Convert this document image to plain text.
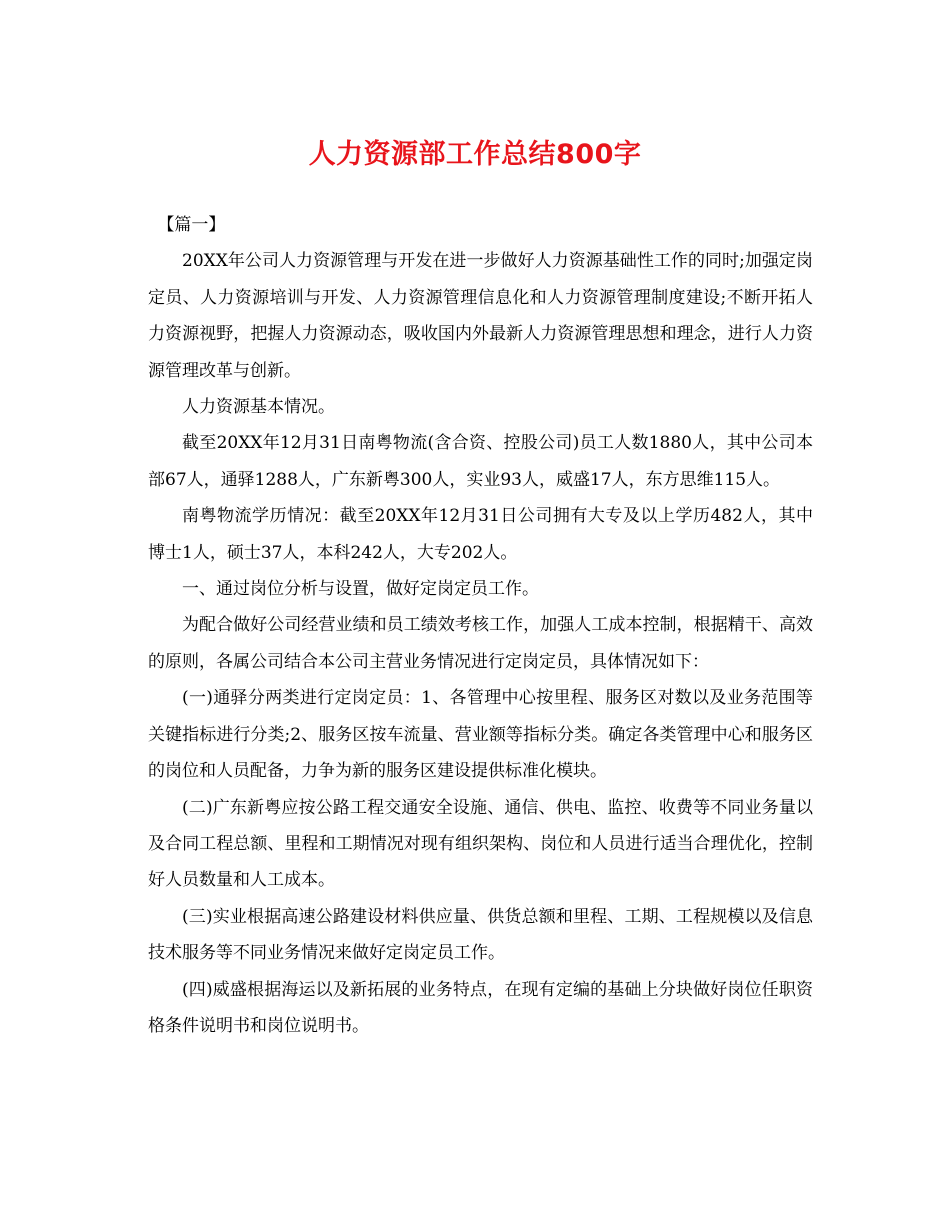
人力资源部工作总结800字

【篇一】

20XX年公司人力资源管理与开发在进一步做好人力资源基础性工作的同时;加强定岗定员、人力资源培训与开发、人力资源管理信息化和人力资源管理制度建设;不断开拓人力资源视野，把握人力资源动态，吸收国内外最新人力资源管理思想和理念，进行人力资源管理改革与创新。

人力资源基本情况。

截至20XX年12月31日南粤物流(含合资、控股公司)员工人数1880人，其中公司本部67人，通驿1288人，广东新粤300人，实业93人，威盛17人，东方思维115人。

南粤物流学历情况：截至20XX年12月31日公司拥有大专及以上学历482人，其中博士1人，硕士37人，本科242人，大专202人。

一、通过岗位分析与设置，做好定岗定员工作。

为配合做好公司经营业绩和员工绩效考核工作，加强人工成本控制，根据精干、高效的原则，各属公司结合本公司主营业务情况进行定岗定员，具体情况如下：

(一)通驿分两类进行定岗定员：1、各管理中心按里程、服务区对数以及业务范围等关键指标进行分类;2、服务区按车流量、营业额等指标分类。确定各类管理中心和服务区的岗位和人员配备，力争为新的服务区建设提供标准化模块。

(二)广东新粤应按公路工程交通安全设施、通信、供电、监控、收费等不同业务量以及合同工程总额、里程和工期情况对现有组织架构、岗位和人员进行适当合理优化，控制好人员数量和人工成本。

(三)实业根据高速公路建设材料供应量、供货总额和里程、工期、工程规模以及信息技术服务等不同业务情况来做好定岗定员工作。

(四)威盛根据海运以及新拓展的业务特点，在现有定编的基础上分块做好岗位任职资格条件说明书和岗位说明书。
